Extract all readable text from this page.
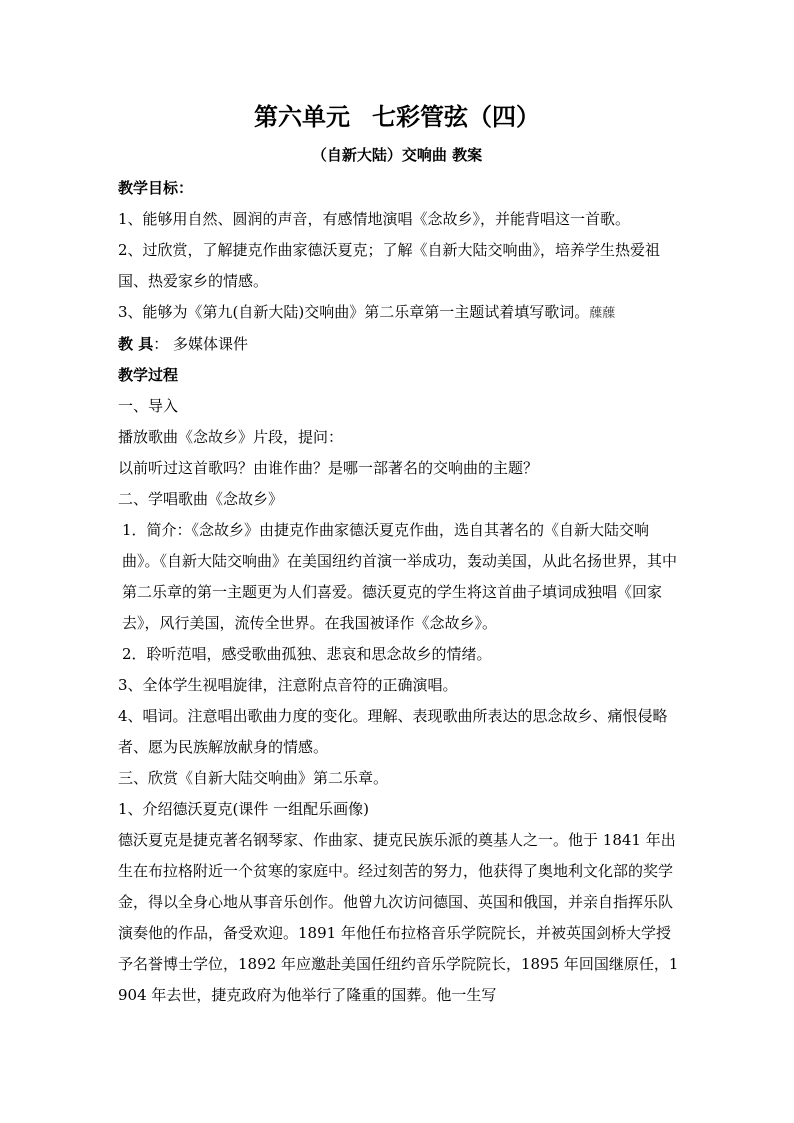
第六单元 七彩管弦（四）
（自新大陆）交响曲 教案

教学目标：

1、能够用自然、圆润的声音，有感情地演唱《念故乡》，并能背唱这一首歌。

2、过欣赏，了解捷克作曲家德沃夏克；了解《自新大陆交响曲》，培养学生热爱祖国、热爱家乡的情感。

3、能够为《第九(自新大陆)交响曲》第二乐章第一主题试着填写歌词。䕈䕈

教 具： 多媒体课件

教学过程

一、导入

播放歌曲《念故乡》片段，提问：

以前听过这首歌吗？由谁作曲？是哪一部著名的交响曲的主题？

二、学唱歌曲《念故乡》

1．简介：《念故乡》由捷克作曲家德沃夏克作曲，选自其著名的《自新大陆交响曲》。《自新大陆交响曲》在美国纽约首演一举成功，轰动美国，从此名扬世界，其中第二乐章的第一主题更为人们喜爱。德沃夏克的学生将这首曲子填词成独唱《回家去》，风行美国，流传全世界。在我国被译作《念故乡》。

2．聆听范唱，感受歌曲孤独、悲哀和思念故乡的情绪。

3、全体学生视唱旋律，注意附点音符的正确演唱。

4、唱词。注意唱出歌曲力度的变化。理解、表现歌曲所表达的思念故乡、痛恨侵略者、愿为民族解放献身的情感。

三、欣赏《自新大陆交响曲》第二乐章。

1、介绍德沃夏克(课件 一组配乐画像)

德沃夏克是捷克著名钢琴家、作曲家、捷克民族乐派的奠基人之一。他于 1841 年出生在布拉格附近一个贫寒的家庭中。经过刻苦的努力，他获得了奥地利文化部的奖学金，得以全身心地从事音乐创作。他曾九次访问德国、英国和俄国，并亲自指挥乐队演奏他的作品，备受欢迎。1891 年他任布拉格音乐学院院长，并被英国剑桥大学授予名誉博士学位，1892 年应邀赴美国任纽约音乐学院院长，1895 年回国继原任，1904 年去世，捷克政府为他举行了隆重的国葬。他一生写
